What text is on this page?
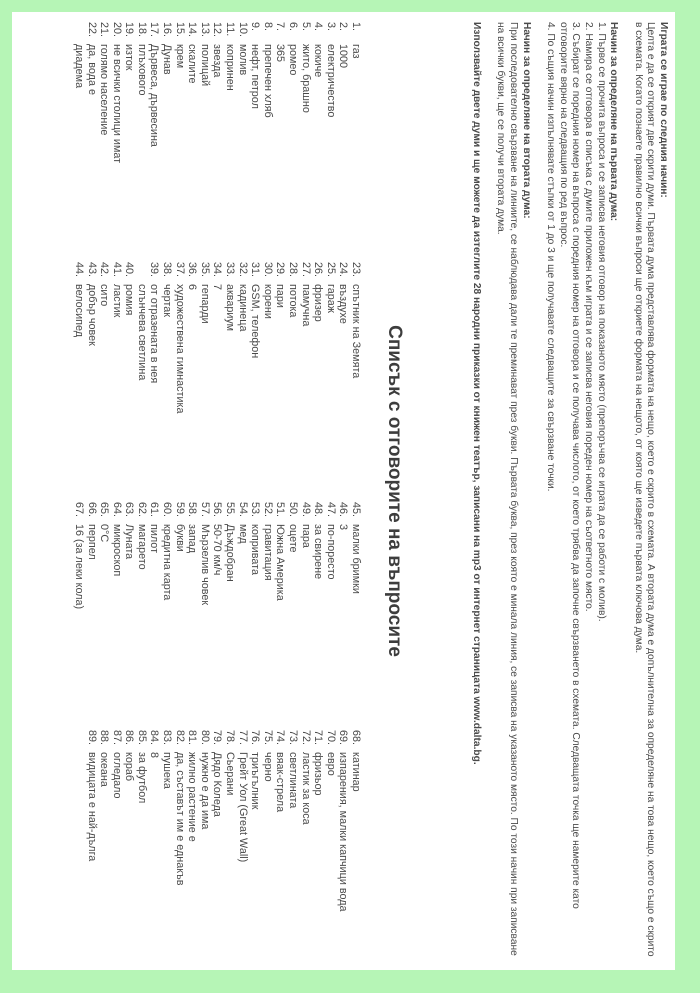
Играта се играе по следния начин:

Целта е да се открият две скрити думи. Първата дума представлява формата на нещо, което е скрито в схемата. А втората дума е допълнителна за определяне на това нещо, което също е скрито в схемата. Когато познаете правилно всички въпроси ще откриете формата на нещото, от която ще изведете първата ключова дума.

Начин за определяне на първата дума:

1. Първо се прочита въпроса и се записва неговия отговор на показаното място (препоръчва се играта да се работи с молив).

2. Намира се отговора в списъка с думите приложен към играта и се записва неговия пореден номер на съответното място.

3. Събират се поредния номер на въпроса с поредния номер на отговора и се получава числото, от което трябва да започне свързването в схемата. Следващата точка ще намерите като отговорите вярно на следващия по ред въпрос.

4. По същия начин изпълнявате стъпки от 1 до 3 и ще получавате следващите за свързване точки.

Начин за определяне на втората дума:

При последователно свързване на линиите, се наблюдава дали те преминават през букви. Първата буква, през която е минала линия, се записва на указаното място. По този начин при записване на всички букви, ще се получи втората дума.

Използвайте двете думи и ще можете да изтеглите 28 народни приказки от книжен театър, записани на mp3 от интернет страницата www.dalta.bg.

Списък с отговорите на въпросите
1.
газ
2.
1000
3.
електричество
4.
кокиче
5.
жито, брашно
6.
ромео
7.
365
8.
препечен хляб
9.
нефт, петрол
10.
молив
11.
копринен
12.
звезда
13.
полицай
14.
скалите
15.
крем
16.
Дунав
17.
Дървеса, дървесина
18.
плъхового
19.
изток
20.
не всички столици имат
21.
голямо население
22.
да, вода е
диадема
23.
спътник на Земята
24.
въздухе
25.
гараж
26.
фризер
27.
памучна
28.
потока
29.
пари
30.
корени
31.
GSM, телефон
32.
кадинеца
33.
аквариум
34.
7
35.
гепарди
36.
6
37.
художествена гимнастика
38.
чертак
39.
от отразената в нея
слънчева светлина
40.
ромия
41.
ластик
42.
сито
43.
добър човек
44.
велосипед
45.
малки бримки
46.
3
47.
по-поресто
48.
за свирене
49.
пара
50.
оцете
51.
Южна Америка
52.
гравитация
53.
копривата
54.
мед
55.
Дъждобран
56.
50-70 км/ч
57.
Мързелив човек
58.
запад
59.
букви
60.
кредитна карта
61.
пилот
62.
магарето
63.
Луната
64.
микроскоп
65.
0°C
66.
перпел
67.
16 (за леки кола)
68.
катинар
69.
изпарения, малки капчици вода
70.
евро
71.
фризьор
72.
ластик за коса
73.
светлината
74.
вяак-стрела
75.
черно
76.
триъгълник
77.
Грейт Уол (Great Wall)
78.
Сьерани
79.
Дядо Коледа
80.
нужно е да има
81.
жилно растение е
82.
да, съставът им е еднакъв
83.
пушека
84.
8
85.
за футбол
86.
кораб
87.
огледало
88.
океана
89.
видицата е най-дълга
